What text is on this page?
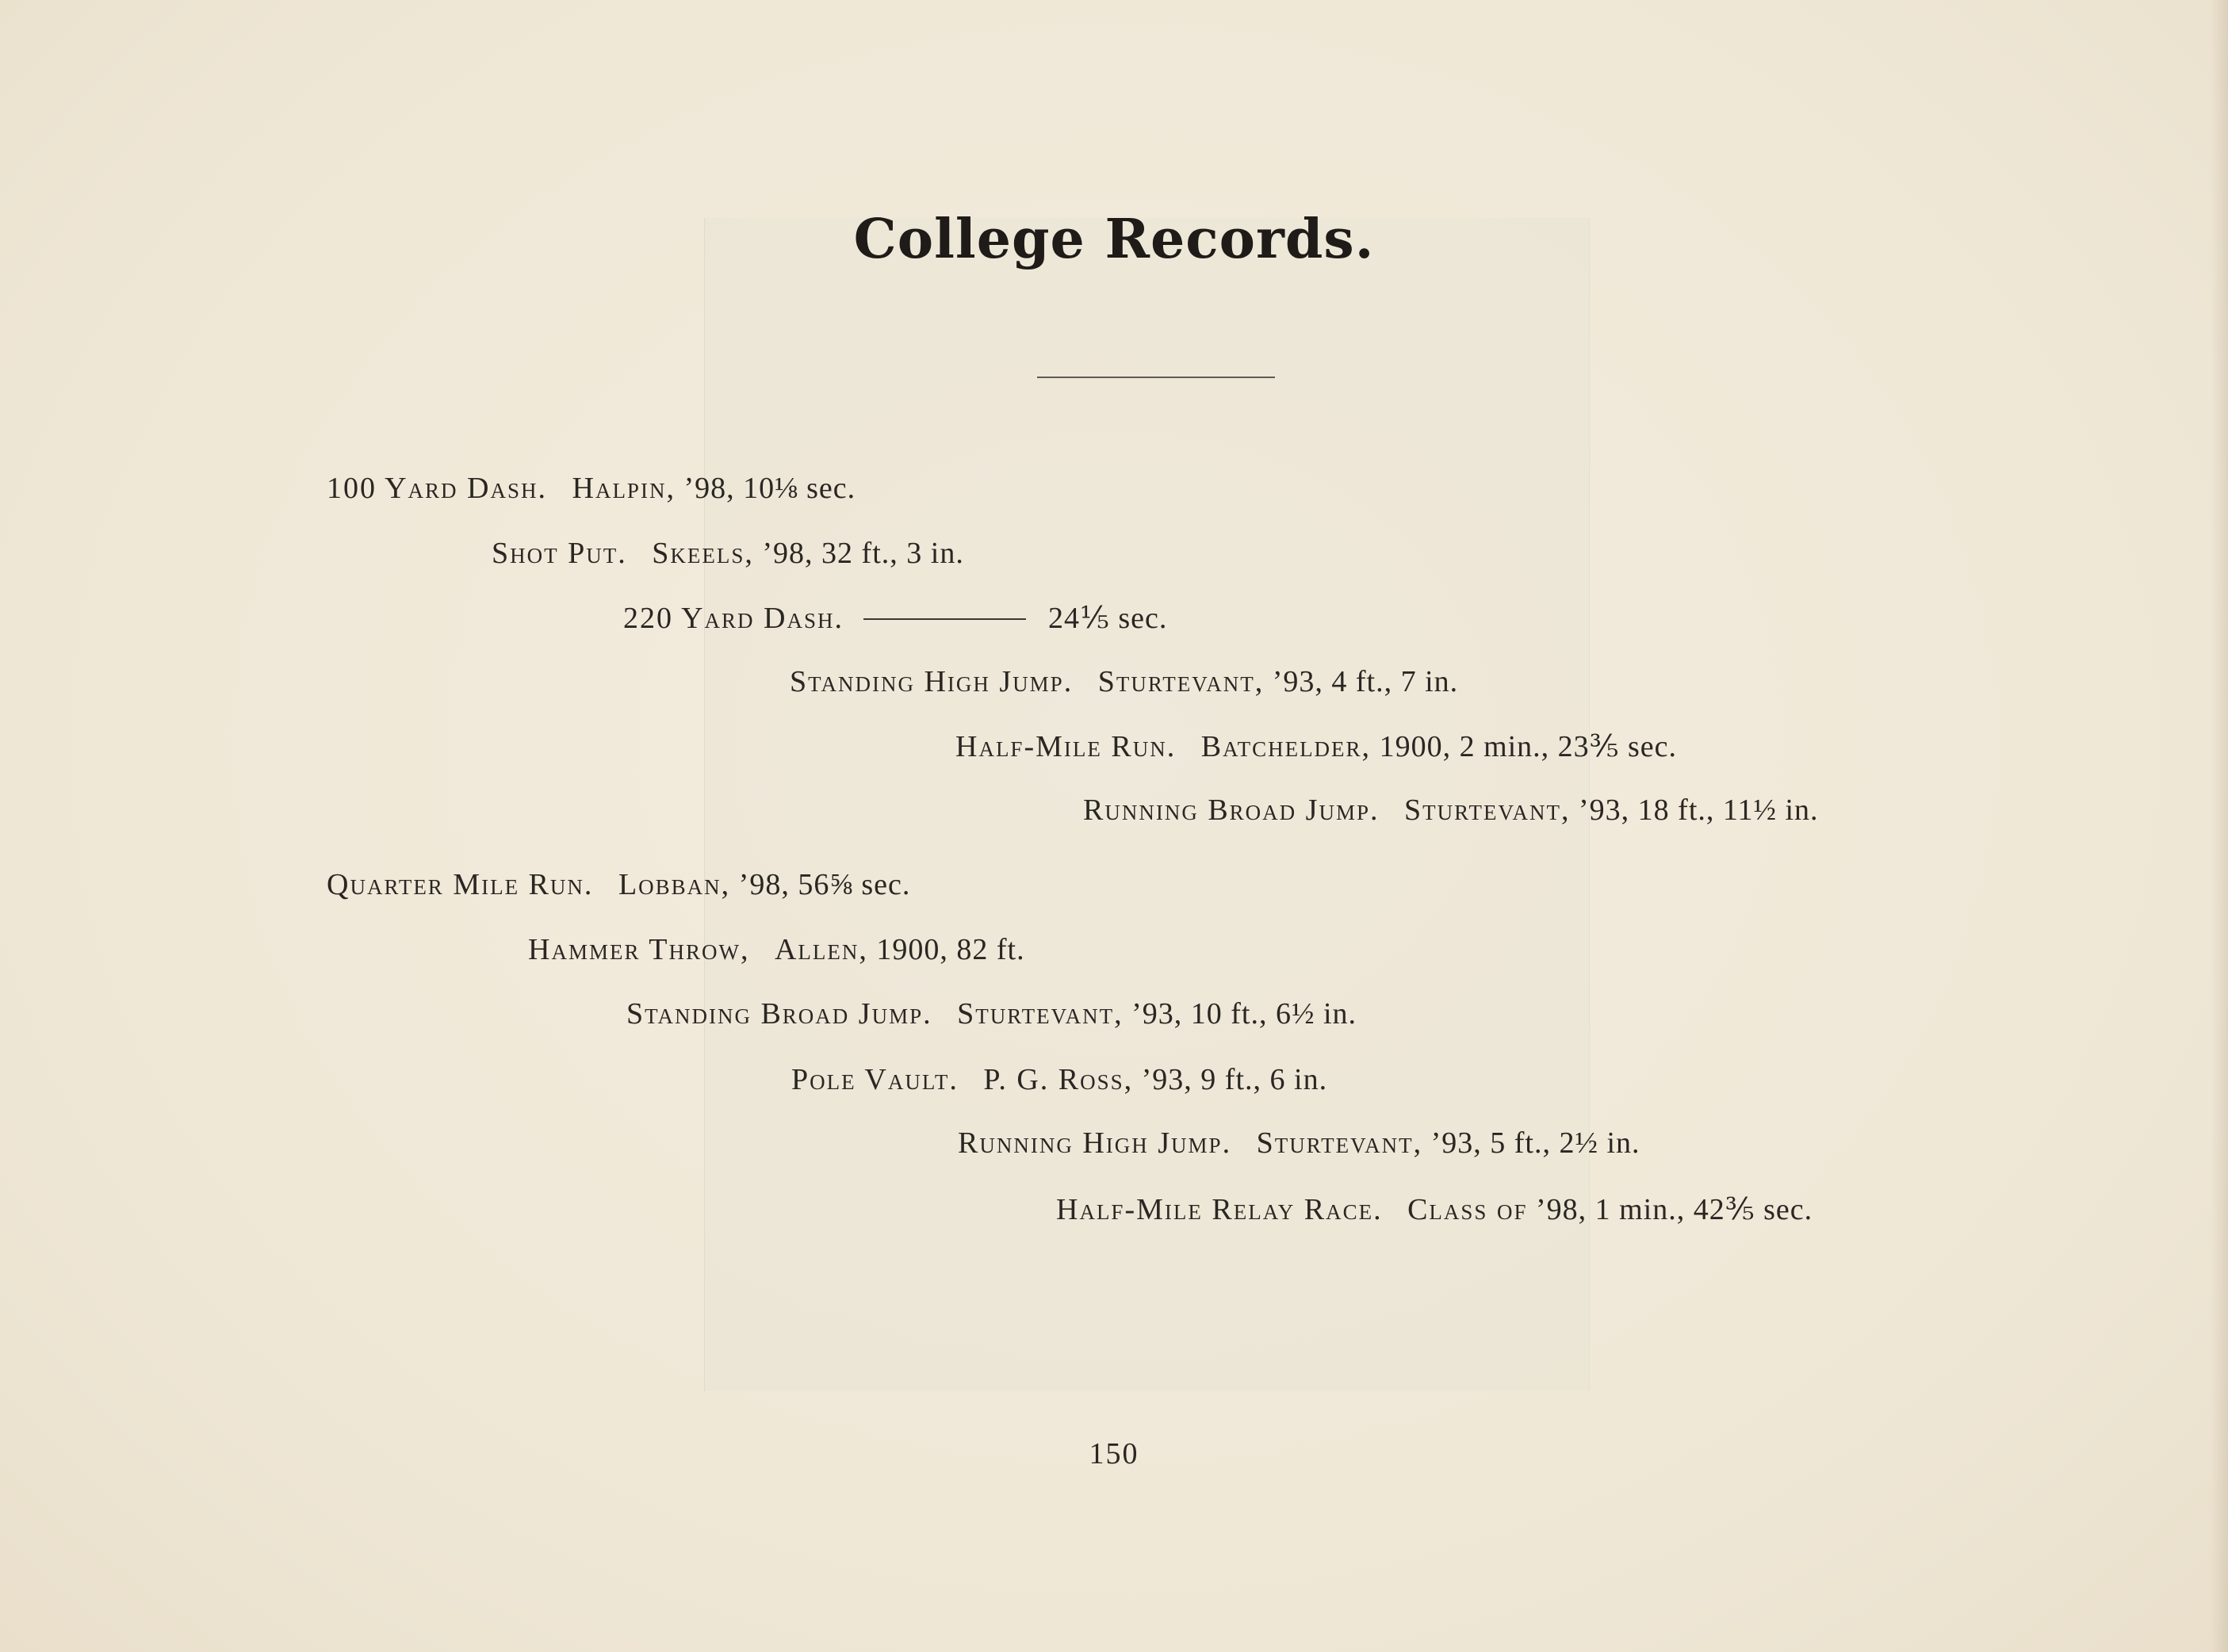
College Records.
100 Yard Dash. Halpin, ’98, 10⅛ sec.
Shot Put. Skeels, ’98, 32 ft., 3 in.
220 Yard Dash.	24⅕ sec.
Standing High Jump. Sturtevant, ’93, 4 ft., 7 in.
Half-Mile Run. Batchelder, 1900, 2 min., 23⅗ sec.
Running Broad Jump. Sturtevant, ’93, 18 ft., 11½ in.
Quarter Mile Run. Lobban, ’98, 56⅝ sec.
Hammer Throw, Allen, 1900, 82 ft.
Standing Broad Jump. Sturtevant, ’93, 10 ft., 6½ in.
Pole Vault. P. G. Ross, ’93, 9 ft., 6 in.
Running High Jump. Sturtevant, ’93, 5 ft., 2½ in.
Half-Mile Relay Race. Class of ’98, 1 min., 42⅗ sec.
150
